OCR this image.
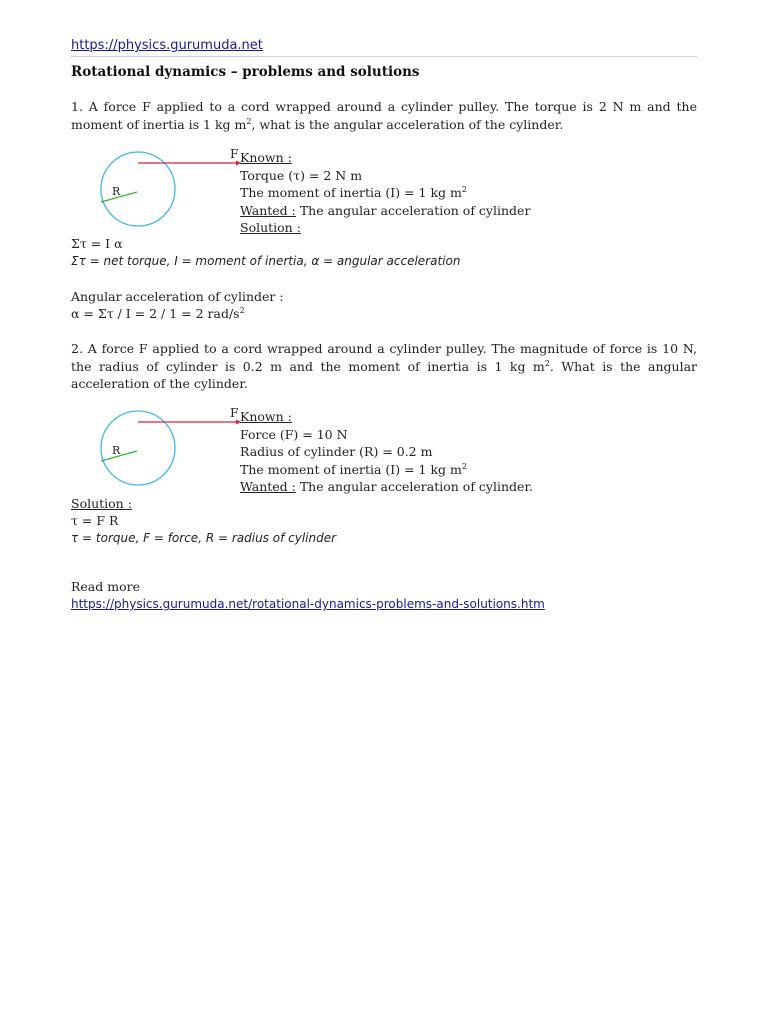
https://physics.gurumuda.net
Rotational dynamics – problems and solutions
1. A force F applied to a cord wrapped around a cylinder pulley. The torque is 2 N m and the moment of inertia is 1 kg $m^2$, what is the angular acceleration of the cylinder.
F
R
Known :
Torque (τ) = 2 N m
The moment of inertia (I) = 1 kg $m^2$
Wanted : The angular acceleration of cylinder
Solution :
Στ = I α
Στ = net torque, I = moment of inertia, α = angular acceleration
Angular acceleration of cylinder :
α = Στ / I = 2 / 1 = 2 rad/$s^2$
2. A force F applied to a cord wrapped around a cylinder pulley. The magnitude of force is 10 N, the radius of cylinder is 0.2 m and the moment of inertia is 1 kg $m^2$. What is the angular acceleration of the cylinder.
F
R
Known :
Force (F) = 10 N
Radius of cylinder (R) = 0.2 m
The moment of inertia (I) = 1 kg $m^2$
Wanted : The angular acceleration of cylinder.
Solution :
τ = F R
τ = torque, F = force, R = radius of cylinder
Read more
https://physics.gurumuda.net/rotational-dynamics-problems-and-solutions.htm
